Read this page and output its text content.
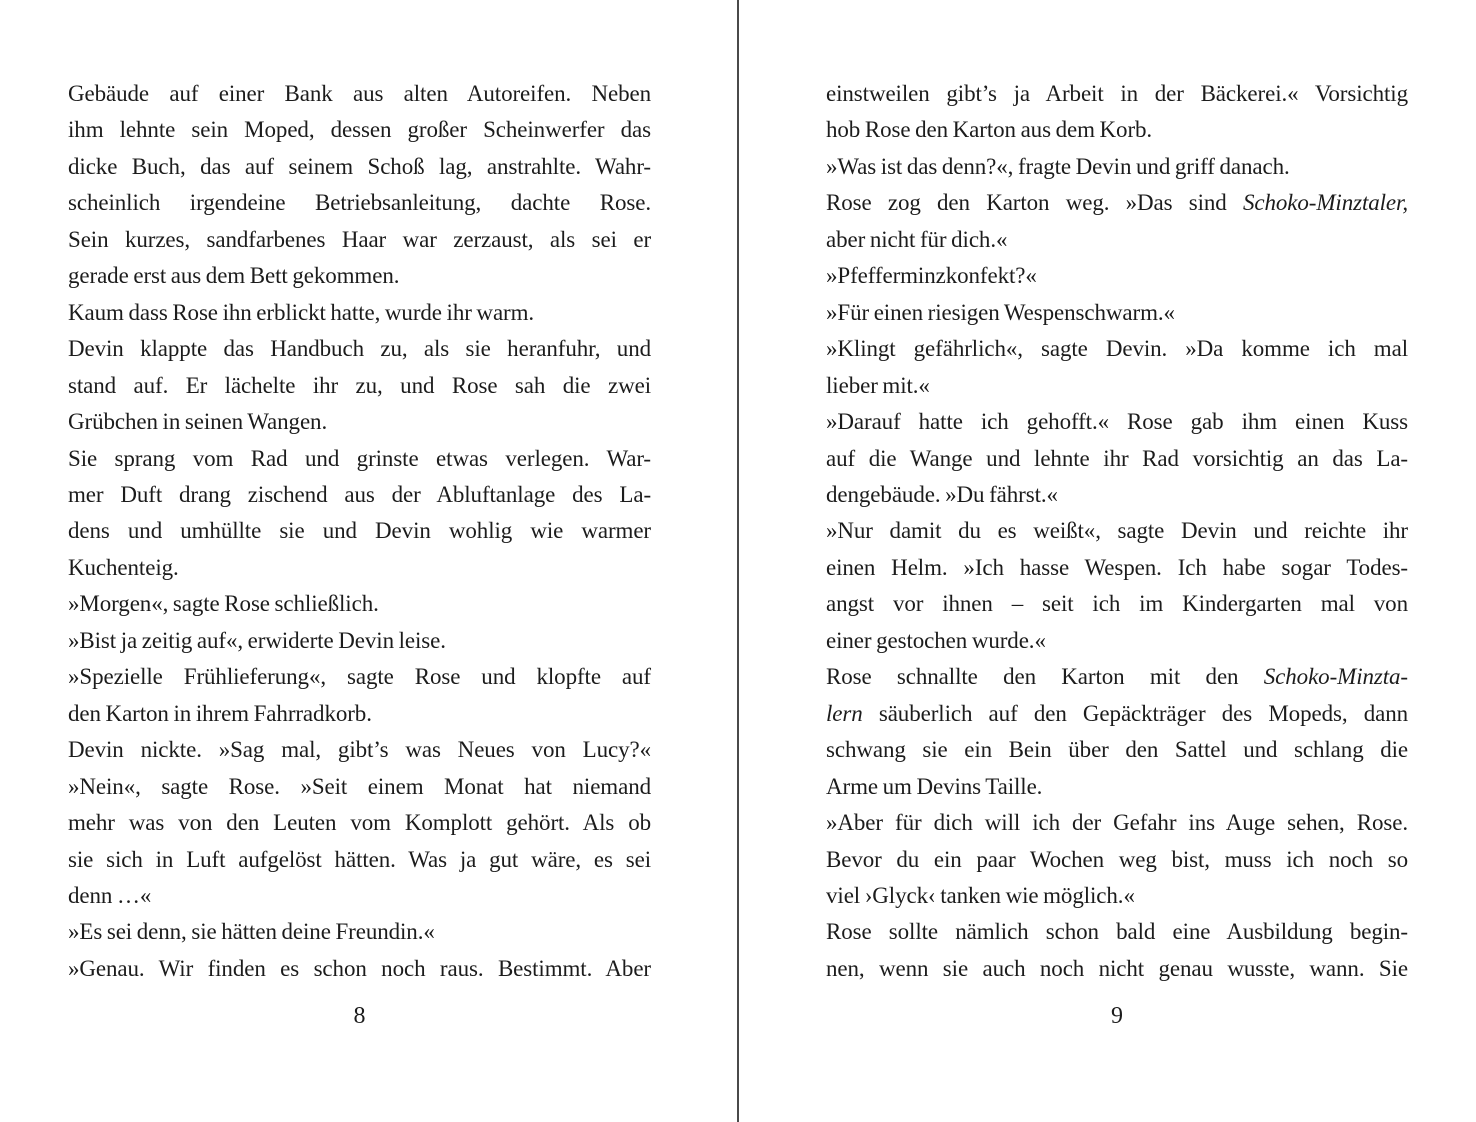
Gebäude auf einer Bank aus alten Autoreifen. Neben
ihm lehnte sein Moped, dessen großer Scheinwerfer das
dicke Buch, das auf seinem Schoß lag, anstrahlte. Wahr-
scheinlich irgendeine Betriebsanleitung, dachte Rose.
Sein kurzes, sandfarbenes Haar war zerzaust, als sei er
gerade erst aus dem Bett gekommen.
Kaum dass Rose ihn erblickt hatte, wurde ihr warm.
Devin klappte das Handbuch zu, als sie heranfuhr, und
stand auf. Er lächelte ihr zu, und Rose sah die zwei
Grübchen in seinen Wangen.
Sie sprang vom Rad und grinste etwas verlegen. War-
mer Duft drang zischend aus der Abluftanlage des La-
dens und umhüllte sie und Devin wohlig wie warmer
Kuchenteig.
»Morgen«, sagte Rose schließlich.
»Bist ja zeitig auf«, erwiderte Devin leise.
»Spezielle Frühlieferung«, sagte Rose und klopfte auf
den Karton in ihrem Fahrradkorb.
Devin nickte. »Sag mal, gibt’s was Neues von Lucy?«
»Nein«, sagte Rose. »Seit einem Monat hat niemand
mehr was von den Leuten vom Komplott gehört. Als ob
sie sich in Luft aufgelöst hätten. Was ja gut wäre, es sei
denn …«
»Es sei denn, sie hätten deine Freundin.«
»Genau. Wir finden es schon noch raus. Bestimmt. Aber
einstweilen gibt’s ja Arbeit in der Bäckerei.« Vorsichtig
hob Rose den Karton aus dem Korb.
»Was ist das denn?«, fragte Devin und griff danach.
Rose zog den Karton weg. »Das sind Schoko-Minztaler,
aber nicht für dich.«
»Pfefferminzkonfekt?«
»Für einen riesigen Wespenschwarm.«
»Klingt gefährlich«, sagte Devin. »Da komme ich mal
lieber mit.«
»Darauf hatte ich gehofft.« Rose gab ihm einen Kuss
auf die Wange und lehnte ihr Rad vorsichtig an das La-
dengebäude. »Du fährst.«
»Nur damit du es weißt«, sagte Devin und reichte ihr
einen Helm. »Ich hasse Wespen. Ich habe sogar Todes-
angst vor ihnen – seit ich im Kindergarten mal von
einer gestochen wurde.«
Rose schnallte den Karton mit den Schoko-Minzta-
lern säuberlich auf den Gepäckträger des Mopeds, dann
schwang sie ein Bein über den Sattel und schlang die
Arme um Devins Taille.
»Aber für dich will ich der Gefahr ins Auge sehen, Rose.
Bevor du ein paar Wochen weg bist, muss ich noch so
viel ›Glyck‹ tanken wie möglich.«
Rose sollte nämlich schon bald eine Ausbildung begin-
nen, wenn sie auch noch nicht genau wusste, wann. Sie
8	9
